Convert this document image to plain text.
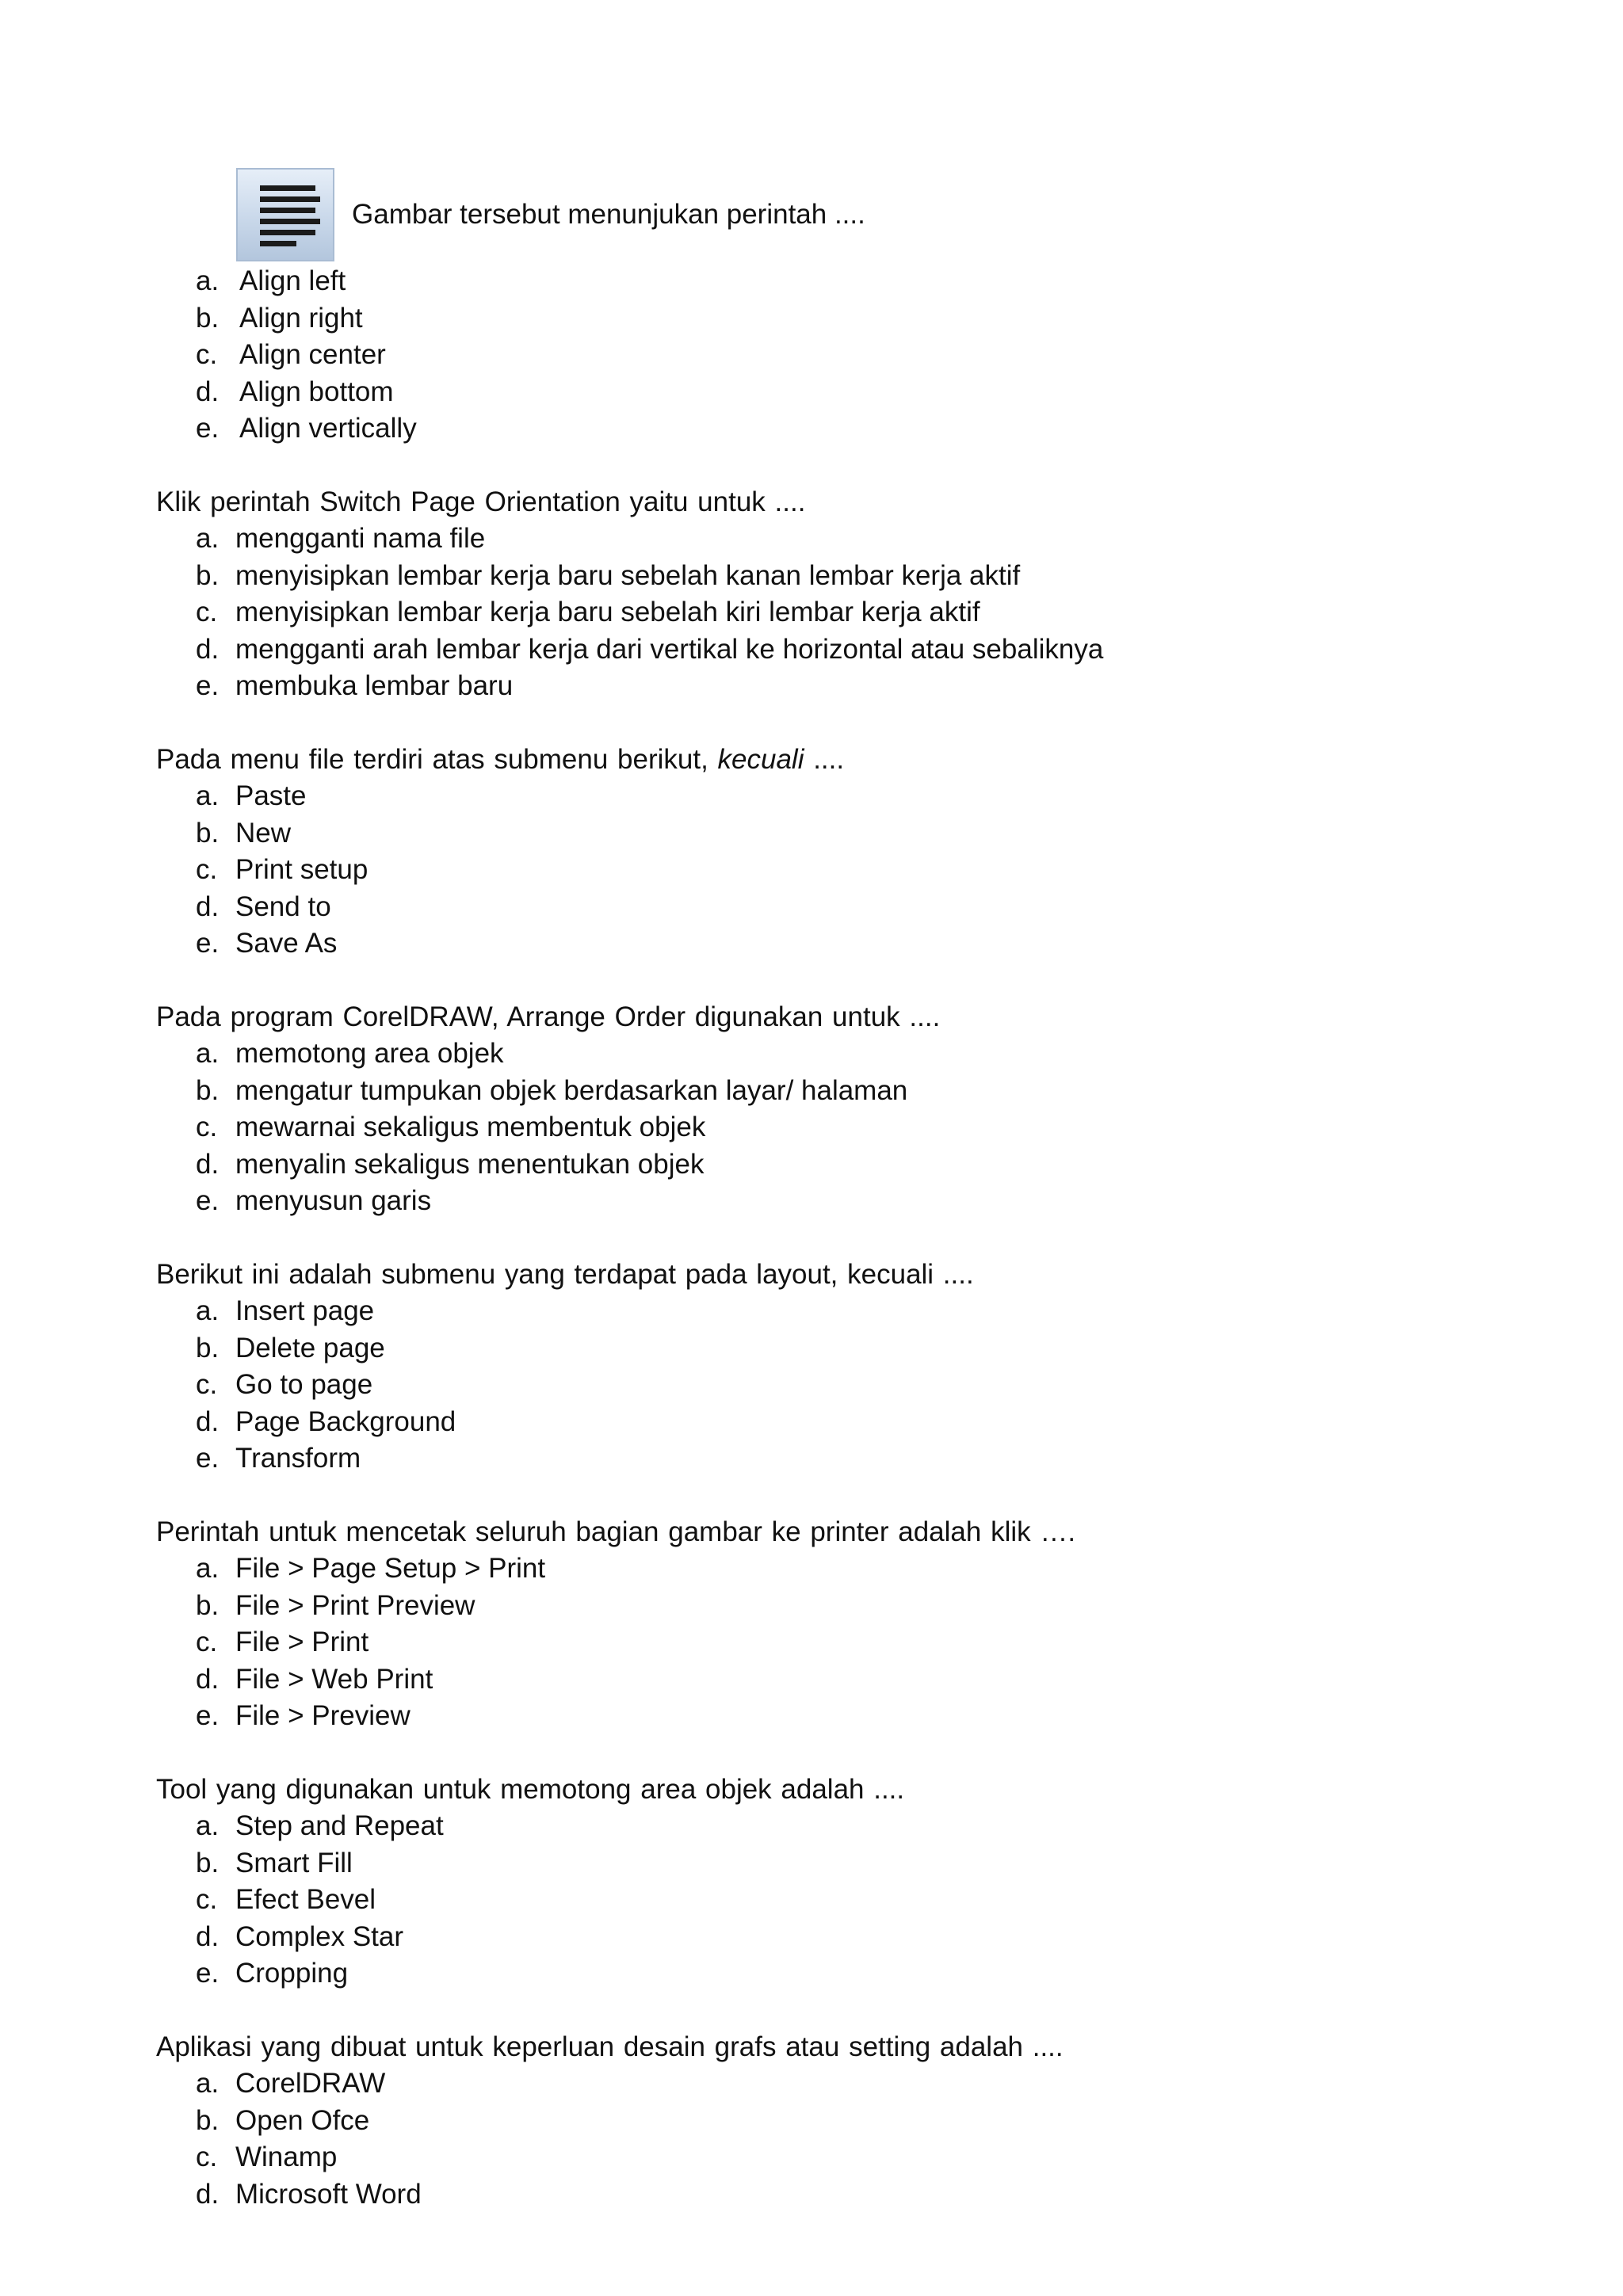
Gambar tersebut menunjukan perintah ....
a. Align left
b. Align right
c. Align center
d. Align bottom
e. Align vertically
Klik perintah Switch Page Orientation yaitu untuk ....
a. mengganti nama file
b. menyisipkan lembar kerja baru sebelah kanan lembar kerja aktif
c. menyisipkan lembar kerja baru sebelah kiri lembar kerja aktif
d. mengganti arah lembar kerja dari vertikal ke horizontal atau sebaliknya
e. membuka lembar baru
Pada menu file terdiri atas submenu berikut, kecuali ....
a. Paste
b. New
c. Print setup
d. Send to
e. Save As
Pada program CorelDRAW, Arrange Order digunakan untuk ....
a. memotong area objek
b. mengatur tumpukan objek berdasarkan layar/ halaman
c. mewarnai sekaligus membentuk objek
d. menyalin sekaligus menentukan objek
e. menyusun garis
Berikut ini adalah submenu yang terdapat pada layout, kecuali ....
a. Insert page
b. Delete page
c. Go to page
d. Page Background
e. Transform
Perintah untuk mencetak seluruh bagian gambar ke printer adalah klik ….
a. File > Page Setup > Print
b. File > Print Preview
c. File > Print
d. File > Web Print
e. File > Preview
Tool yang digunakan untuk memotong area objek adalah ....
a. Step and Repeat
b. Smart Fill
c. Efect Bevel
d. Complex Star
e. Cropping
Aplikasi yang dibuat untuk keperluan desain grafs atau setting adalah ....
a. CorelDRAW
b. Open Ofce
c. Winamp
d. Microsoft Word
